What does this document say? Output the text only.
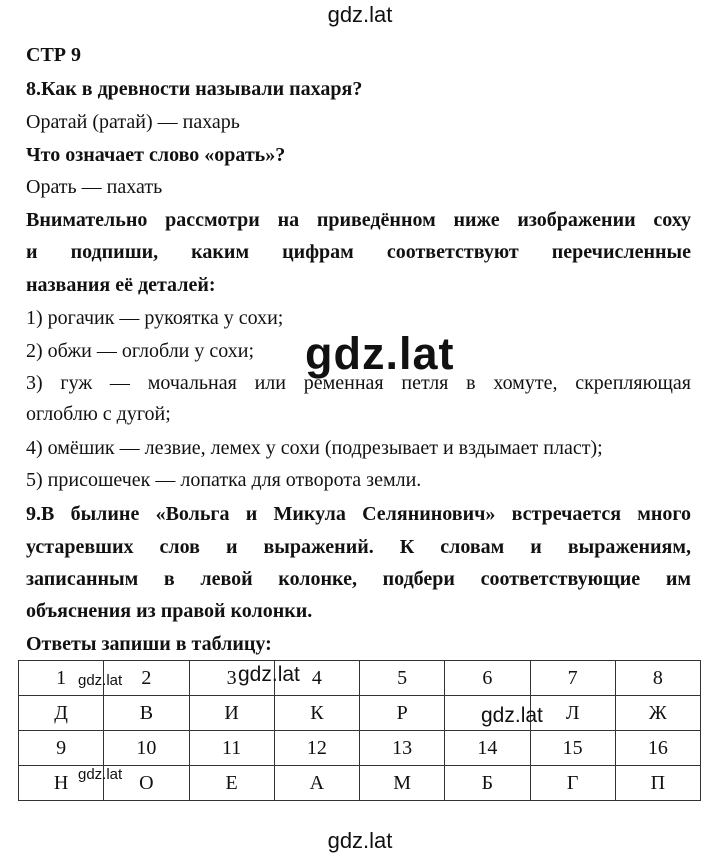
gdz.lat
gdz.lat
СТР 9
8.Как в древности называли пахаря?
Оратай (ратай) — пахарь
Что означает слово «орать»?
Орать — пахать
Внимательно рассмотри на приведённом ниже изображении соху
и подпиши, каким цифрам соответствуют перечисленные
названия её деталей:
1) рогачик — рукоятка у сохи;
2) обжи — оглобли у сохи;
3) гуж — мочальная или ременная петля в хомуте, скрепляющая
оглоблю с дугой;
4) омёшик — лезвие, лемех у сохи (подрезывает и вздымает пласт);
5) присошечек — лопатка для отворота земли.
9.В былине «Вольга и Микула Селянинович» встречается много
устаревших слов и выражений. К словам и выражениям,
записанным в левой колонке, подбери соответствующие им
объяснения из правой колонки.
Ответы запиши в таблицу:
1	2	3	4	5	6	7	8
Д	В	И	К	Р		Л	Ж
9	10	11	12	13	14	15	16
Н	О	Е	А	М	Б	Г	П
gdz.lat	gdz.lat
gdz.lat
gdz.lat
gdz.lat
